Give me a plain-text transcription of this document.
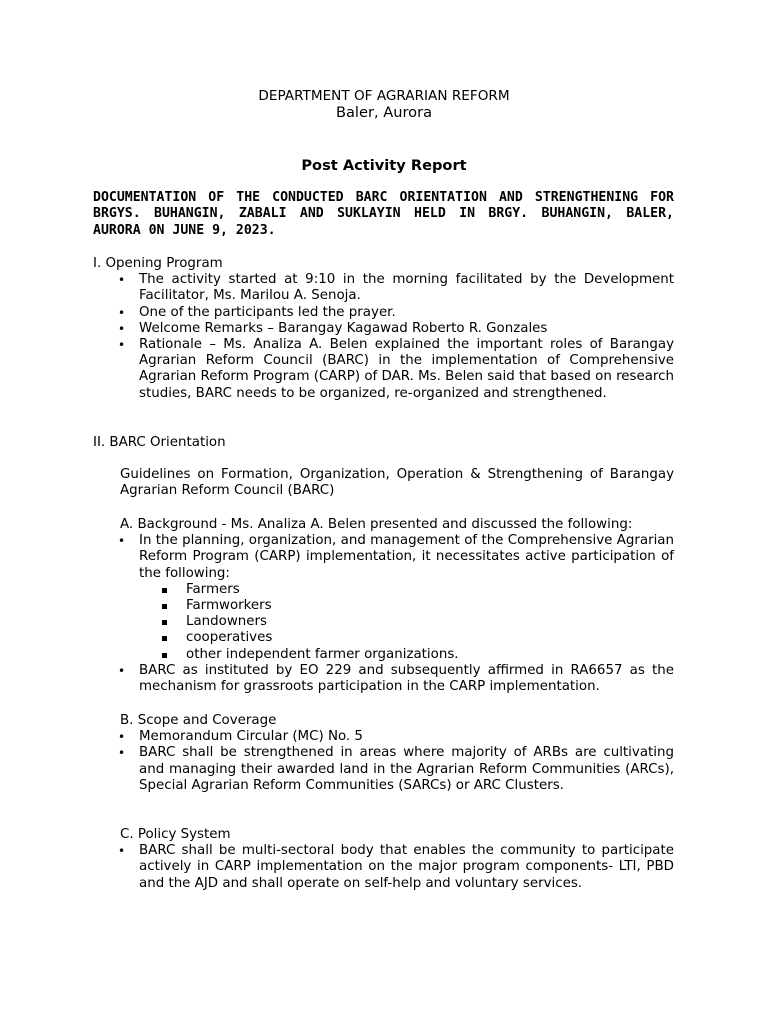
DEPARTMENT OF AGRARIAN REFORM
Baler, Aurora
Post Activity Report
DOCUMENTATION OF THE CONDUCTED BARC ORIENTATION AND STRENGTHENING FOR BRGYS. BUHANGIN, ZABALI AND SUKLAYIN HELD IN BRGY. BUHANGIN, BALER, AURORA 0N JUNE 9, 2023.
I. Opening Program
• The activity started at 9:10 in the morning facilitated by the Development Facilitator, Ms. Marilou A. Senoja.
• One of the participants led the prayer.
• Welcome Remarks – Barangay Kagawad Roberto R. Gonzales
• Rationale – Ms. Analiza A. Belen explained the important roles of Barangay Agrarian Reform Council (BARC) in the implementation of Comprehensive Agrarian Reform Program (CARP) of DAR. Ms. Belen said that based on research studies, BARC needs to be organized, re-organized and strengthened.
II. BARC Orientation
Guidelines on Formation, Organization, Operation & Strengthening of Barangay Agrarian Reform Council (BARC)
A. Background - Ms. Analiza A. Belen presented and discussed the following:
• In the planning, organization, and management of the Comprehensive Agrarian Reform Program (CARP) implementation, it necessitates active participation of the following:
Farmers
Farmworkers
Landowners
cooperatives
other independent farmer organizations.
• BARC as instituted by EO 229 and subsequently affirmed in RA6657 as the mechanism for grassroots participation in the CARP implementation.
B. Scope and Coverage
• Memorandum Circular (MC) No. 5
• BARC shall be strengthened in areas where majority of ARBs are cultivating and managing their awarded land in the Agrarian Reform Communities (ARCs), Special Agrarian Reform Communities (SARCs) or ARC Clusters.
C. Policy System
• BARC shall be multi-sectoral body that enables the community to participate actively in CARP implementation on the major program components- LTI, PBD and the AJD and shall operate on self-help and voluntary services.
